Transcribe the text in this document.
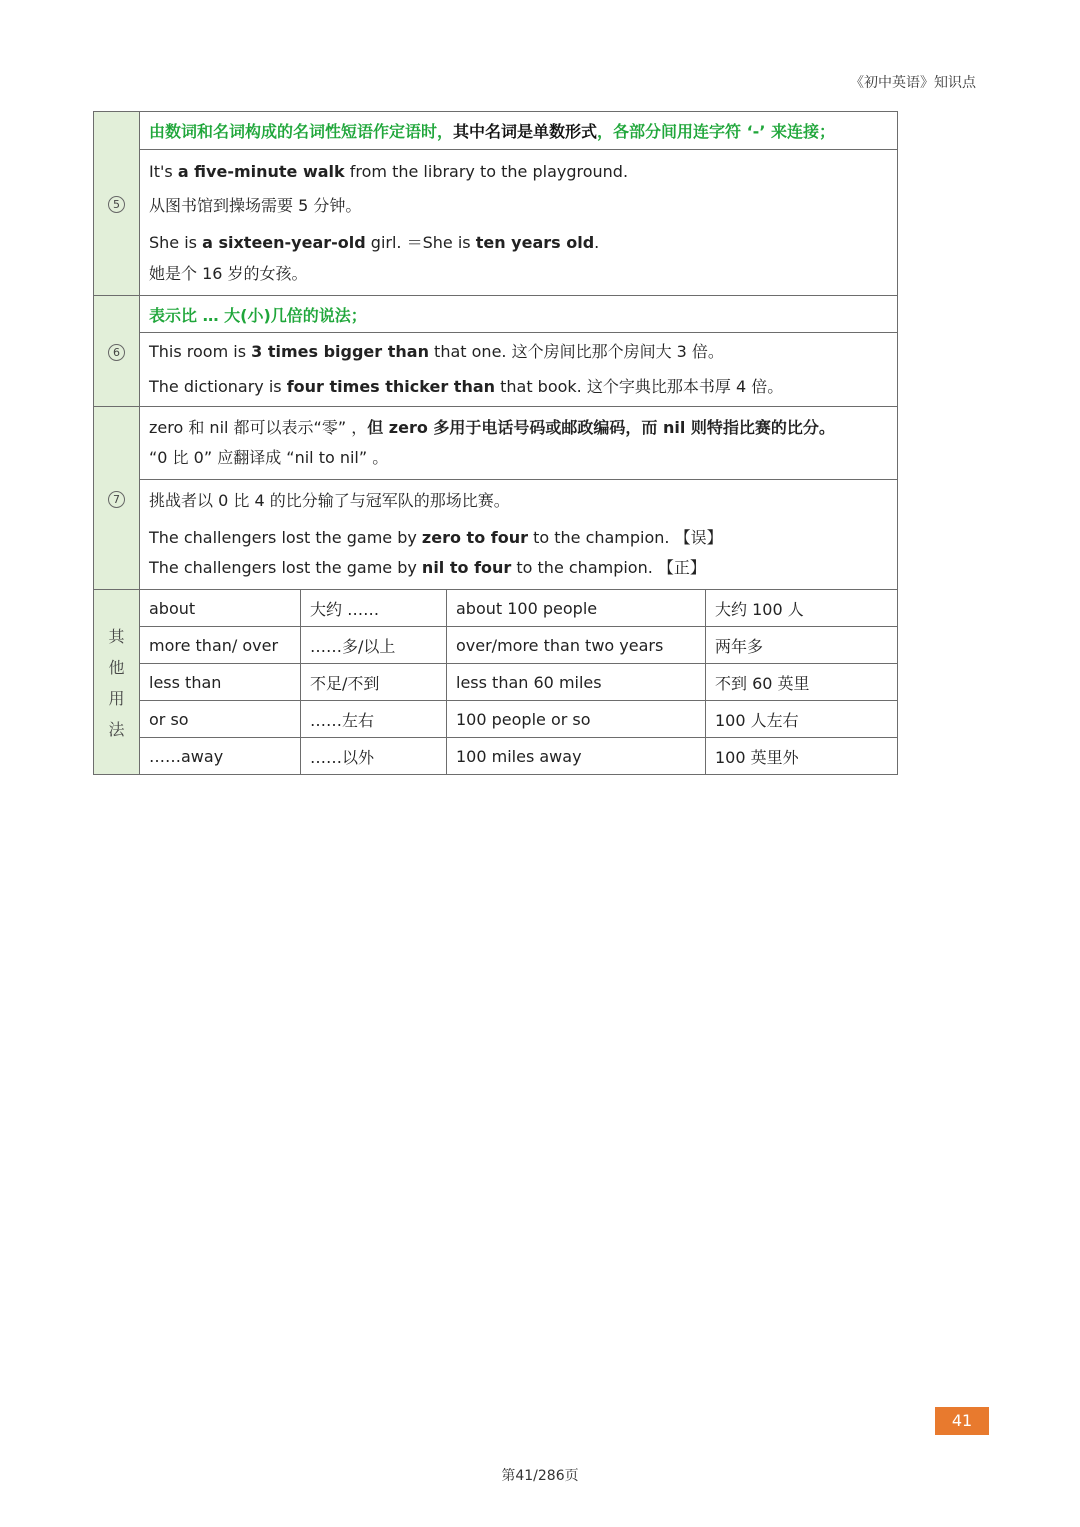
《初中英语》知识点
5	由数词和名词构成的名词性短语作定语时，其中名词是单数形式，各部分间用连字符 ‘-’ 来连接；			

	It's a five-minute walk from the library to the playground.
从图书馆到操场需要 5 分钟。
She is a sixteen-year-old girl. ＝She is ten years old.
她是个 16 岁的女孩。			

6	表示比 … 大(小)几倍的说法；			

	This room is 3 times bigger than that one. 这个房间比那个房间大 3 倍。
The dictionary is four times thicker than that book. 这个字典比那本书厚 4 倍。			

7	zero 和 nil 都可以表示“零” ，但 zero 多用于电话号码或邮政编码，而 nil 则特指比赛的比分。
“0 比 0” 应翻译成 “nil to nil” 。			

	挑战者以 0 比 4 的比分输了与冠军队的那场比赛。
The challengers lost the game by zero to four to the champion. 【误】
The challengers lost the game by nil to four to the champion. 【正】			

其
他
用
法	about	大约 ……	about 100 people	大约 100 人
	more than/ over	……多/以上	over/more than two years	两年多
	less than	不足/不到	less than 60 miles	不到 60 英里
	or so	……左右	100 people or so	100 人左右
	……away	……以外	100 miles away	100 英里外
41
第41/286页
